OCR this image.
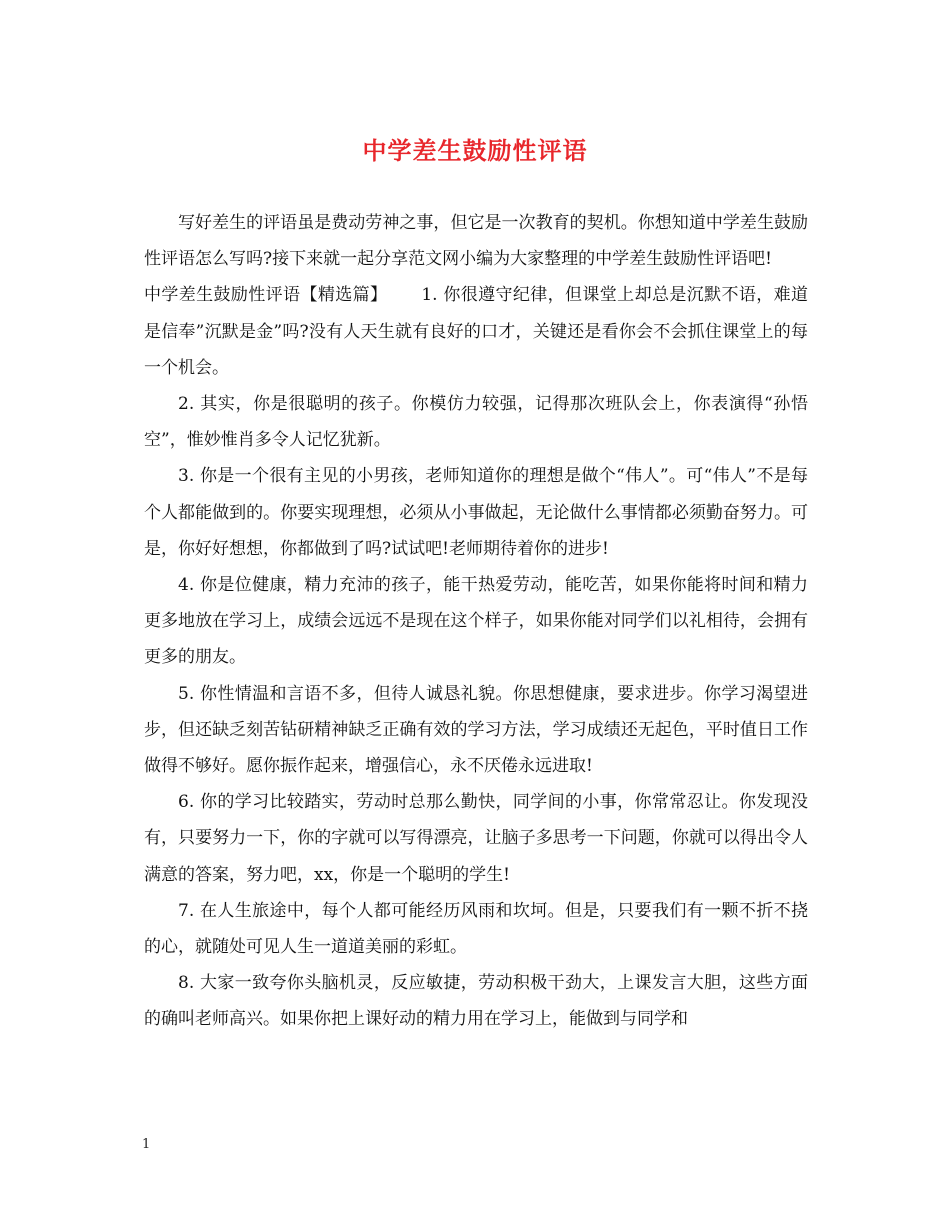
中学差生鼓励性评语

写好差生的评语虽是费动劳神之事，但它是一次教育的契机。你想知道中学差生鼓励性评语怎么写吗?接下来就一起分享范文网小编为大家整理的中学差生鼓励性评语吧!

中学差生鼓励性评语【精选篇】   1. 你很遵守纪律，但课堂上却总是沉默不语，难道是信奉”沉默是金”吗?没有人天生就有良好的口才，关键还是看你会不会抓住课堂上的每一个机会。

2. 其实，你是很聪明的孩子。你模仿力较强，记得那次班队会上，你表演得“孙悟空”，惟妙惟肖多令人记忆犹新。

3. 你是一个很有主见的小男孩，老师知道你的理想是做个“伟人”。可“伟人”不是每个人都能做到的。你要实现理想，必须从小事做起，无论做什么事情都必须勤奋努力。可是，你好好想想，你都做到了吗?试试吧!老师期待着你的进步!

4. 你是位健康，精力充沛的孩子，能干热爱劳动，能吃苦，如果你能将时间和精力更多地放在学习上，成绩会远远不是现在这个样子，如果你能对同学们以礼相待，会拥有更多的朋友。

5. 你性情温和言语不多，但待人诚恳礼貌。你思想健康，要求进步。你学习渴望进步，但还缺乏刻苦钻研精神缺乏正确有效的学习方法，学习成绩还无起色，平时值日工作做得不够好。愿你振作起来，增强信心，永不厌倦永远进取!

6. 你的学习比较踏实，劳动时总那么勤快，同学间的小事，你常常忍让。你发现没有，只要努力一下，你的字就可以写得漂亮，让脑子多思考一下问题，你就可以得出令人满意的答案，努力吧，xx，你是一个聪明的学生!

7. 在人生旅途中，每个人都可能经历风雨和坎坷。但是，只要我们有一颗不折不挠的心，就随处可见人生一道道美丽的彩虹。

8. 大家一致夸你头脑机灵，反应敏捷，劳动积极干劲大，上课发言大胆，这些方面的确叫老师高兴。如果你把上课好动的精力用在学习上，能做到与同学和

1
